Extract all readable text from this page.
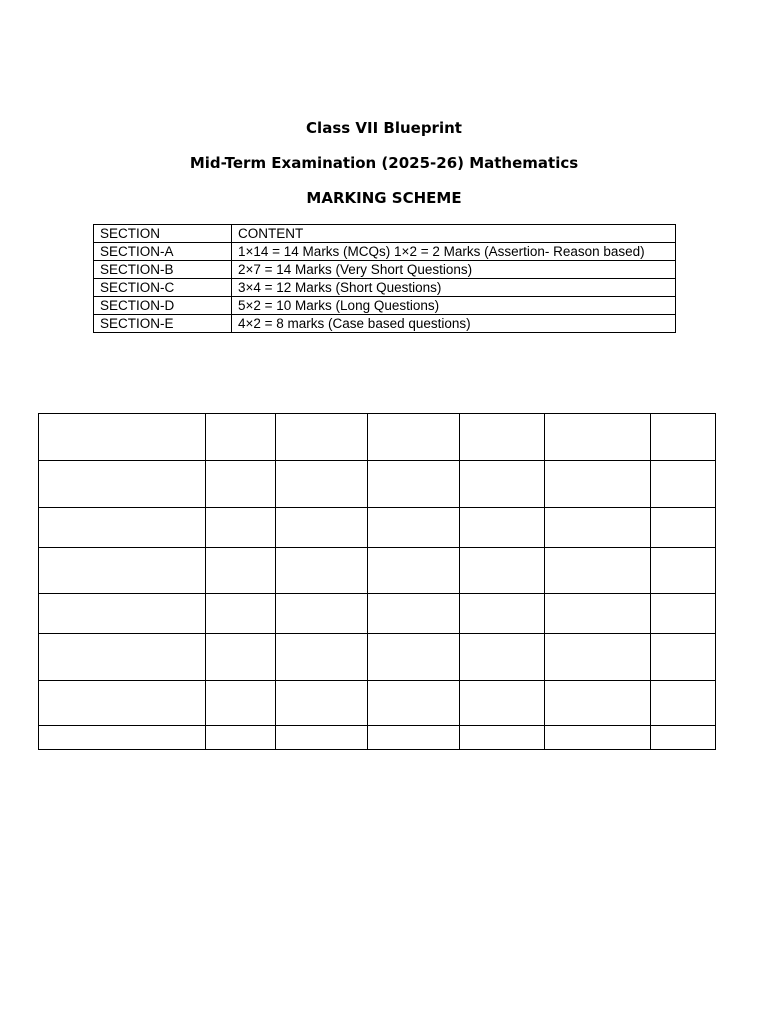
Class VII Blueprint
Mid-Term Examination (2025-26) Mathematics
MARKING SCHEME
SECTION	CONTENT
SECTION-A	1×14 = 14 Marks (MCQs) 1×2 = 2 Marks (Assertion- Reason based)
SECTION-B	2×7 = 14 Marks (Very Short Questions)
SECTION-C	3×4 = 12 Marks (Short Questions)
SECTION-D	5×2 = 10 Marks (Long Questions)
SECTION-E	4×2 = 8 marks (Case based questions)
